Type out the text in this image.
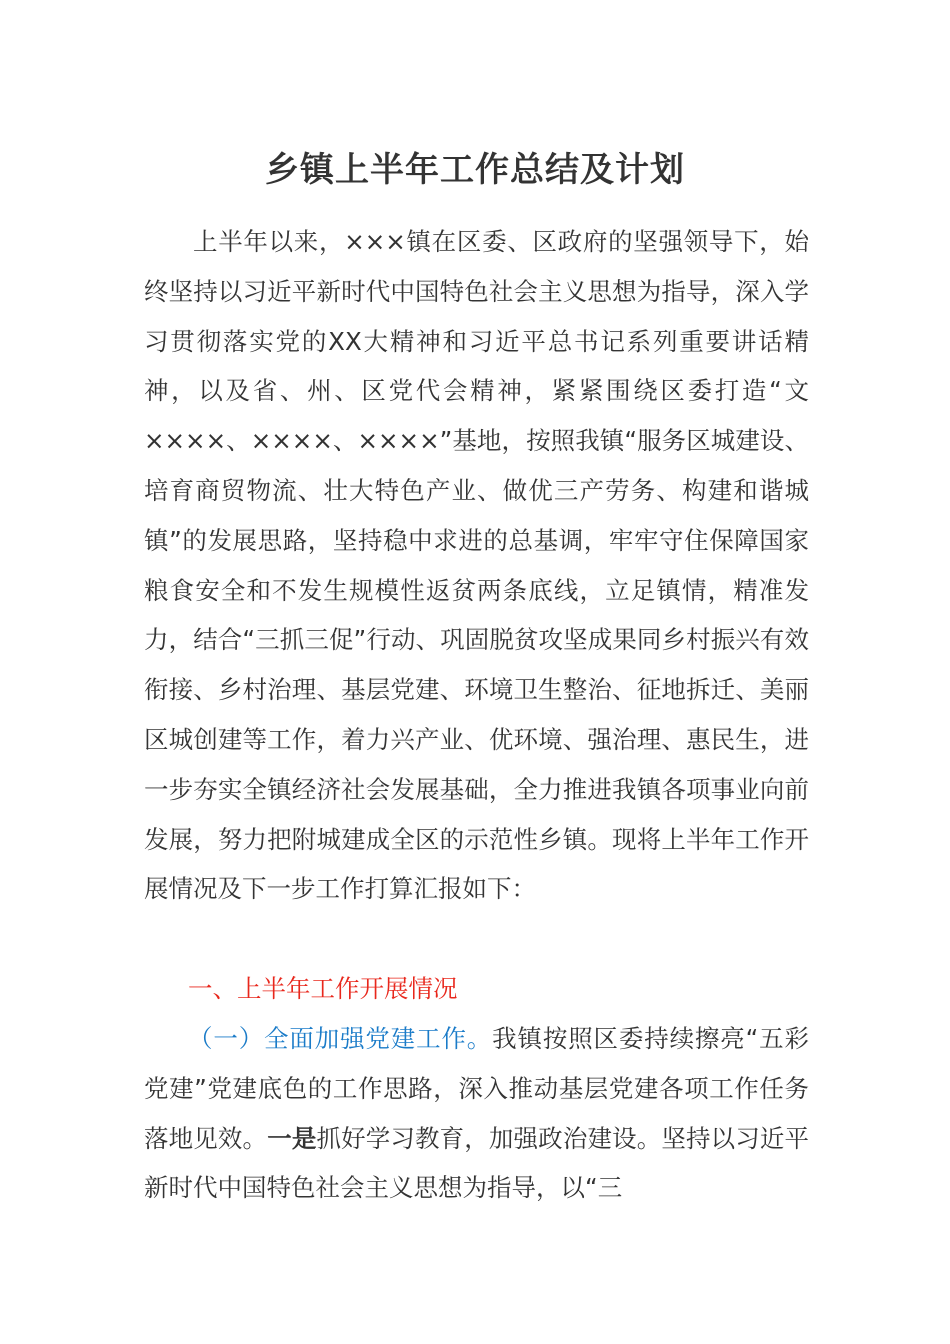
乡镇上半年工作总结及计划

上半年以来，×××镇在区委、区政府的坚强领导下，始终坚持以习近平新时代中国特色社会主义思想为指导，深入学习贯彻落实党的XX大精神和习近平总书记系列重要讲话精神，以及省、州、区党代会精神，紧紧围绕区委打造“文××××、××××、××××”基地，按照我镇“服务区城建设、培育商贸物流、壮大特色产业、做优三产劳务、构建和谐城镇”的发展思路，坚持稳中求进的总基调，牢牢守住保障国家粮食安全和不发生规模性返贫两条底线，立足镇情，精准发力，结合“三抓三促”行动、巩固脱贫攻坚成果同乡村振兴有效衔接、乡村治理、基层党建、环境卫生整治、征地拆迁、美丽区城创建等工作，着力兴产业、优环境、强治理、惠民生，进一步夯实全镇经济社会发展基础，全力推进我镇各项事业向前发展，努力把附城建成全区的示范性乡镇。现将上半年工作开展情况及下一步工作打算汇报如下：

一、上半年工作开展情况

（一）全面加强党建工作。我镇按照区委持续擦亮“五彩党建”党建底色的工作思路，深入推动基层党建各项工作任务落地见效。一是抓好学习教育，加强政治建设。坚持以习近平新时代中国特色社会主义思想为指导，以“三
